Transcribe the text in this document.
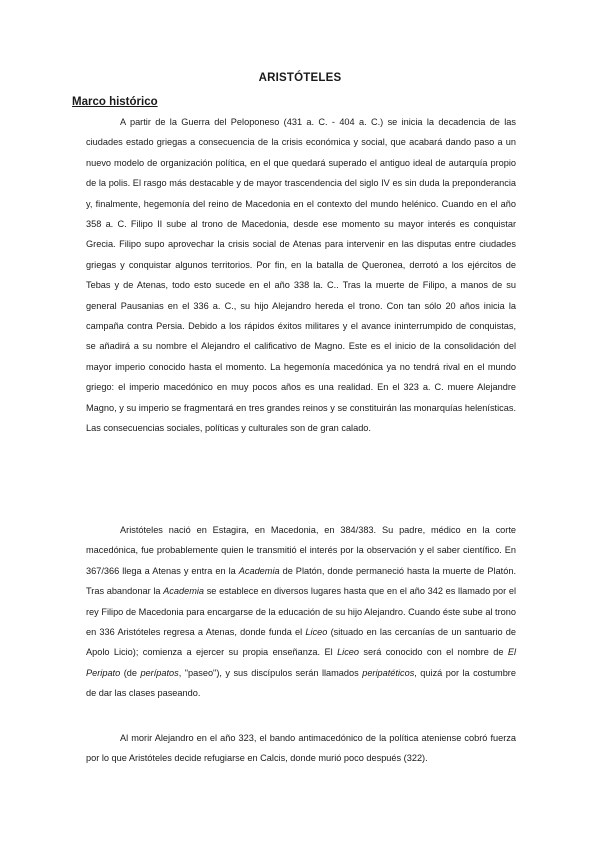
ARISTÓTELES
Marco histórico

A partir de la Guerra del Peloponeso (431 a. C. - 404 a. C.) se inicia la decadencia de las ciudades estado griegas a consecuencia de la crisis económica y social, que acabará dando paso a un nuevo modelo de organización política, en el que quedará superado el antiguo ideal de autarquía propio de la polis. El rasgo más destacable y de mayor trascendencia del siglo IV es sin duda la preponderancia y, finalmente, hegemonía del reino de Macedonia en el contexto del mundo helénico. Cuando en el año 358 a. C. Filipo II sube al trono de Macedonia, desde ese momento su mayor interés es conquistar Grecia. Filipo supo aprovechar la crisis social de Atenas para intervenir en las disputas entre ciudades griegas y conquistar algunos territorios. Por fin, en la batalla de Queronea, derrotó a los ejércitos de Tebas y de Atenas, todo esto sucede en el año 338 la. C.. Tras la muerte de Filipo, a manos de su general Pausanias en el 336 a. C., su hijo Alejandro hereda el trono. Con tan sólo 20 años inicia la campaña contra Persia. Debido a los rápidos éxitos militares y el avance ininterrumpido de conquistas, se añadirá a su nombre el Alejandro el calificativo de Magno. Este es el inicio de la consolidación del mayor imperio conocido hasta el momento. La hegemonía macedónica ya no tendrá rival en el mundo griego: el imperio macedónico en muy pocos años es una realidad. En el 323 a. C. muere Alejandre Magno, y su imperio se fragmentará en tres grandes reinos y se constituirán las monarquías helenísticas. Las consecuencias sociales, políticas y culturales son de gran calado.

Aristóteles nació en Estagira, en Macedonia, en 384/383. Su padre, médico en la corte macedónica, fue probablemente quien le transmitió el interés por la observación y el saber científico. En 367/366 llega a Atenas y entra en la Academia de Platón, donde permaneció hasta la muerte de Platón. Tras abandonar la Academia se establece en diversos lugares hasta que en el año 342 es llamado por el rey Filipo de Macedonia para encargarse de la educación de su hijo Alejandro. Cuando éste sube al trono en 336 Aristóteles regresa a Atenas, donde funda el Liceo (situado en las cercanías de un santuario de Apolo Licio); comienza a ejercer su propia enseñanza. El Liceo será conocido con el nombre de El Peripato (de perípatos, "paseo"), y sus discípulos serán llamados peripatéticos, quizá por la costumbre de dar las clases paseando.

Al morir Alejandro en el año 323, el bando antimacedónico de la política ateniense cobró fuerza por lo que Aristóteles decide refugiarse en Calcis, donde murió poco después (322).
